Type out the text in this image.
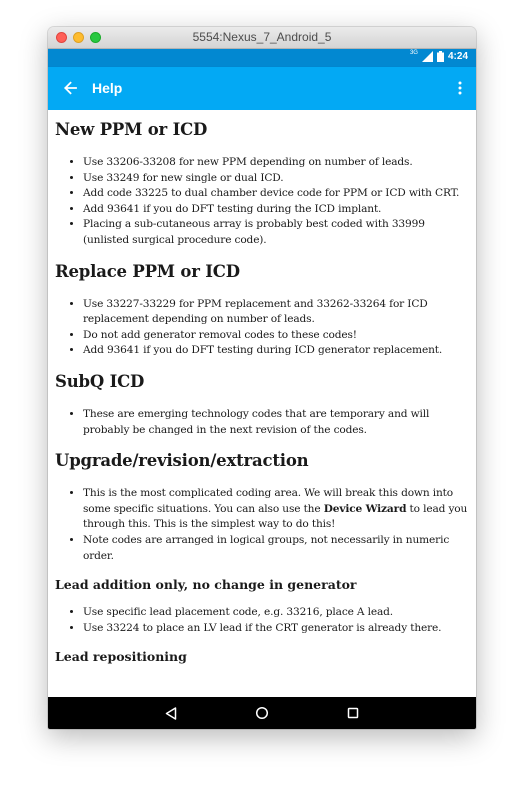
5554:Nexus_7_Android_5
3G	4:24
Help
New PPM or ICD
• Use 33206-33208 for new PPM depending on number of leads.
• Use 33249 for new single or dual ICD.
• Add code 33225 to dual chamber device code for PPM or ICD with CRT.
• Add 93641 if you do DFT testing during the ICD implant.
• Placing a sub-cutaneous array is probably best coded with 33999 (unlisted surgical procedure code).
Replace PPM or ICD
• Use 33227-33229 for PPM replacement and 33262-33264 for ICD replacement depending on number of leads.
• Do not add generator removal codes to these codes!
• Add 93641 if you do DFT testing during ICD generator replacement.
SubQ ICD
• These are emerging technology codes that are temporary and will probably be changed in the next revision of the codes.
Upgrade/revision/extraction
• This is the most complicated coding area. We will break this down into some specific situations. You can also use the Device Wizard to lead you through this. This is the simplest way to do this!
• Note codes are arranged in logical groups, not necessarily in numeric order.
Lead addition only, no change in generator
• Use specific lead placement code, e.g. 33216, place A lead.
• Use 33224 to place an LV lead if the CRT generator is already there.
Lead repositioning
